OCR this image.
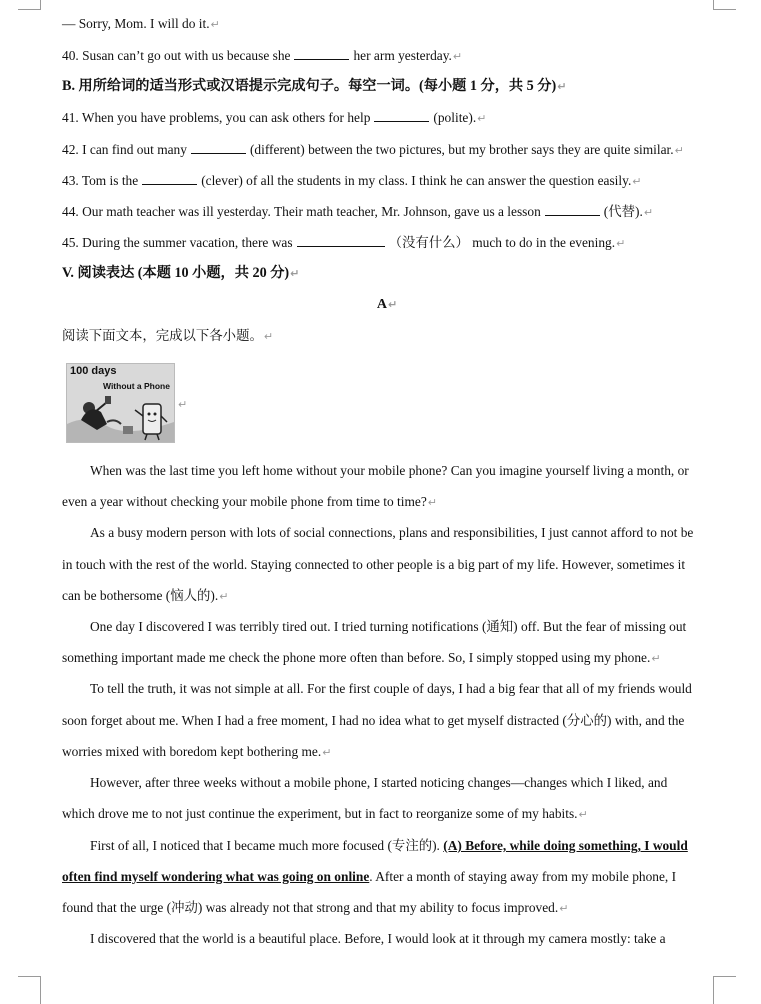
— Sorry, Mom. I will do it.↵
40. Susan can’t go out with us because she	her arm yesterday.↵
B. 用所给词的适当形式或汉语提示完成句子。每空一词。(每小题 1 分，共 5 分)↵
41. When you have problems, you can ask others for help	(polite).↵
42. I can find out many	(different) between the two pictures, but my brother says they are quite similar.↵
43. Tom is the	(clever) of all the students in my class. I think he can answer the question easily.↵
44. Our math teacher was ill yesterday. Their math teacher, Mr. Johnson, gave us a lesson	(代替).↵
45. During the summer vacation, there was	（没有什么） much to do in the evening.↵
V. 阅读表达 (本题 10 小题，共 20 分)↵
A↵
阅读下面文本，完成以下各小题。↵
100 days
Without a Phone
↵
When was the last time you left home without your mobile phone? Can you imagine yourself living a month, or
even a year without checking your mobile phone from time to time?↵
As a busy modern person with lots of social connections, plans and responsibilities, I just cannot afford to not be
in touch with the rest of the world. Staying connected to other people is a big part of my life. However, sometimes it
can be bothersome (恼人的).↵
One day I discovered I was terribly tired out. I tried turning notifications (通知) off. But the fear of missing out
something important made me check the phone more often than before. So, I simply stopped using my phone.↵
To tell the truth, it was not simple at all. For the first couple of days, I had a big fear that all of my friends would
soon forget about me. When I had a free moment, I had no idea what to get myself distracted (分心的) with, and the
worries mixed with boredom kept bothering me.↵
However, after three weeks without a mobile phone, I started noticing changes—changes which I liked, and
which drove me to not just continue the experiment, but in fact to reorganize some of my habits.↵
First of all, I noticed that I became much more focused (专注的). (A) Before, while doing something, I would
often find myself wondering what was going on online. After a month of staying away from my mobile phone, I
found that the urge (冲动) was already not that strong and that my ability to focus improved.↵
I discovered that the world is a beautiful place. Before, I would look at it through my camera mostly: take a
